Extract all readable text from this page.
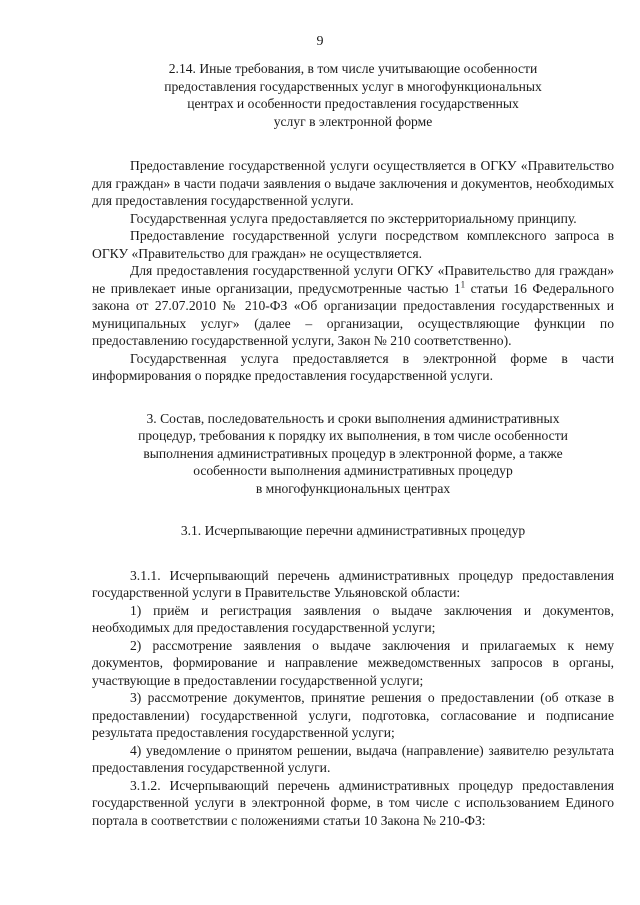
9
2.14. Иные требования, в том числе учитывающие особенности
предоставления государственных услуг в многофункциональных
центрах и особенности предоставления государственных
услуг в электронной форме

Предоставление государственной услуги осуществляется в ОГКУ «Правительство для граждан» в части подачи заявления о выдаче заключения и документов, необходимых для предоставления государственной услуги.

Государственная услуга предоставляется по экстерриториальному принципу.

Предоставление государственной услуги посредством комплексного запроса в ОГКУ «Правительство для граждан» не осуществляется.

Для предоставления государственной услуги ОГКУ «Правительство для граждан» не привлекает иные организации, предусмотренные частью $1^1$ статьи 16 Федерального закона от 27.07.2010 № 210-ФЗ «Об организации предоставления государственных и муниципальных услуг» (далее – организации, осуществляющие функции по предоставлению государственной услуги, Закон № 210 соответственно).

Государственная услуга предоставляется в электронной форме в части информирования о порядке предоставления государственной услуги.

3. Состав, последовательность и сроки выполнения административных
процедур, требования к порядку их выполнения, в том числе особенности
выполнения административных процедур в электронной форме, а также
особенности выполнения административных процедур
в многофункциональных центрах
3.1. Исчерпывающие перечни административных процедур

3.1.1. Исчерпывающий перечень административных процедур предоставления государственной услуги в Правительстве Ульяновской области:

1) приём и регистрация заявления о выдаче заключения и документов, необходимых для предоставления государственной услуги;

2) рассмотрение заявления о выдаче заключения и прилагаемых к нему документов, формирование и направление межведомственных запросов в органы, участвующие в предоставлении государственной услуги;

3) рассмотрение документов, принятие решения о предоставлении (об отказе в предоставлении) государственной услуги, подготовка, согласование и подписание результата предоставления государственной услуги;

4) уведомление о принятом решении, выдача (направление) заявителю результата предоставления государственной услуги.

3.1.2. Исчерпывающий перечень административных процедур предоставления государственной услуги в электронной форме, в том числе с использованием Единого портала в соответствии с положениями статьи 10 Закона № 210-ФЗ:
